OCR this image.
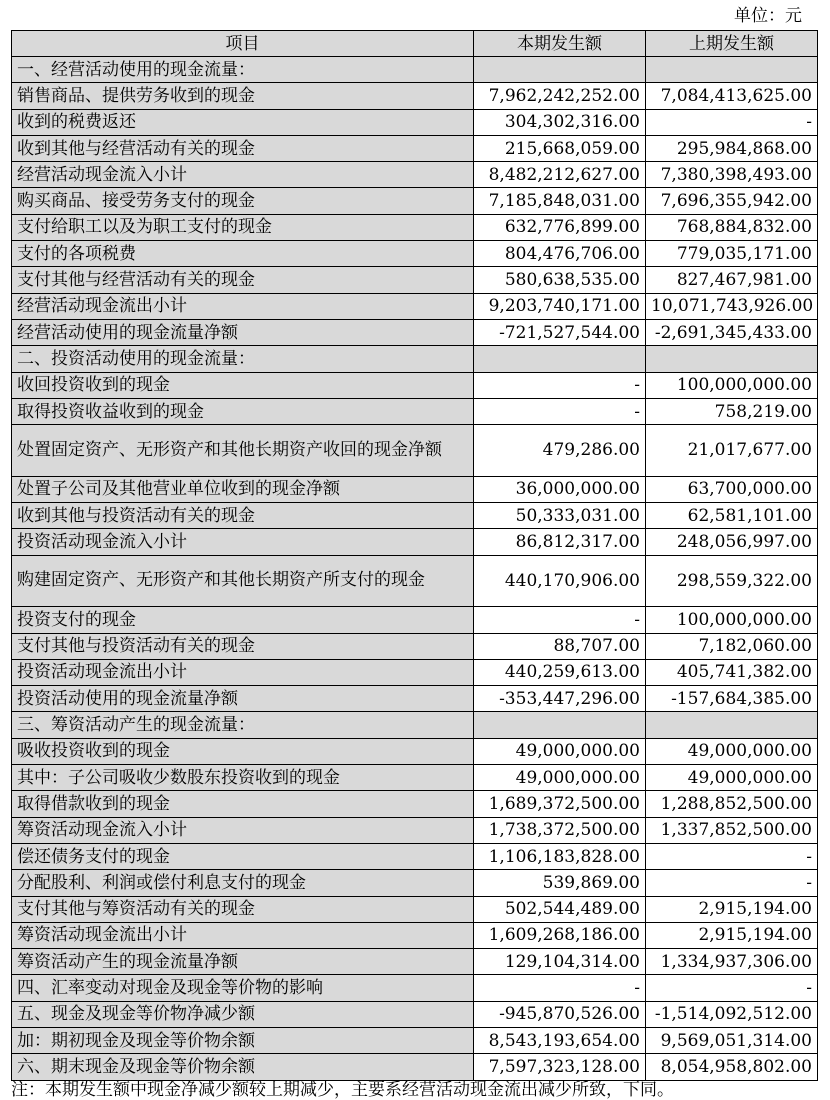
单位：元
项目	本期发生额	上期发生额
一、经营活动使用的现金流量：		
销售商品、提供劳务收到的现金	7,962,242,252.00	7,084,413,625.00
收到的税费返还	304,302,316.00	-
收到其他与经营活动有关的现金	215,668,059.00	295,984,868.00
经营活动现金流入小计	8,482,212,627.00	7,380,398,493.00
购买商品、接受劳务支付的现金	7,185,848,031.00	7,696,355,942.00
支付给职工以及为职工支付的现金	632,776,899.00	768,884,832.00
支付的各项税费	804,476,706.00	779,035,171.00
支付其他与经营活动有关的现金	580,638,535.00	827,467,981.00
经营活动现金流出小计	9,203,740,171.00	10,071,743,926.00
经营活动使用的现金流量净额	-721,527,544.00	-2,691,345,433.00
二、投资活动使用的现金流量：		
收回投资收到的现金	-	100,000,000.00
取得投资收益收到的现金	-	758,219.00
处置固定资产、无形资产和其他长期资产收回的现金净额	479,286.00	21,017,677.00
处置子公司及其他营业单位收到的现金净额	36,000,000.00	63,700,000.00
收到其他与投资活动有关的现金	50,333,031.00	62,581,101.00
投资活动现金流入小计	86,812,317.00	248,056,997.00
购建固定资产、无形资产和其他长期资产所支付的现金	440,170,906.00	298,559,322.00
投资支付的现金	-	100,000,000.00
支付其他与投资活动有关的现金	88,707.00	7,182,060.00
投资活动现金流出小计	440,259,613.00	405,741,382.00
投资活动使用的现金流量净额	-353,447,296.00	-157,684,385.00
三、筹资活动产生的现金流量：		
吸收投资收到的现金	49,000,000.00	49,000,000.00
其中：子公司吸收少数股东投资收到的现金	49,000,000.00	49,000,000.00
取得借款收到的现金	1,689,372,500.00	1,288,852,500.00
筹资活动现金流入小计	1,738,372,500.00	1,337,852,500.00
偿还债务支付的现金	1,106,183,828.00	-
分配股利、利润或偿付利息支付的现金	539,869.00	-
支付其他与筹资活动有关的现金	502,544,489.00	2,915,194.00
筹资活动现金流出小计	1,609,268,186.00	2,915,194.00
筹资活动产生的现金流量净额	129,104,314.00	1,334,937,306.00
四、汇率变动对现金及现金等价物的影响	-	-
五、现金及现金等价物净减少额	-945,870,526.00	-1,514,092,512.00
加：期初现金及现金等价物余额	8,543,193,654.00	9,569,051,314.00
六、期末现金及现金等价物余额	7,597,323,128.00	8,054,958,802.00
注：本期发生额中现金净减少额较上期减少，主要系经营活动现金流出减少所致，下同。
